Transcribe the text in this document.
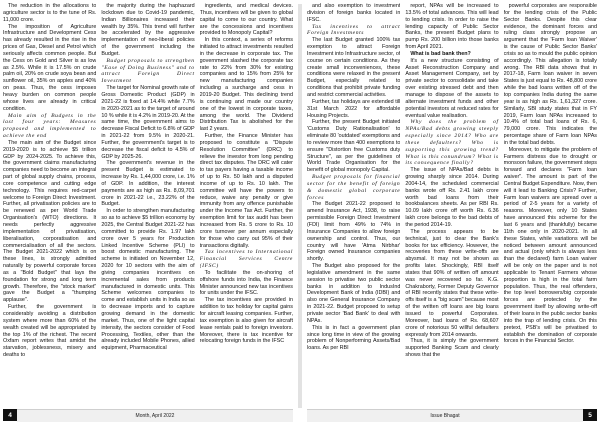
The reduction in the allocations to agriculture sector is to the tune of Rs. 11,000 crore.

The imposition of Agriculture Infrastructure and Development Cess has already resulted in the rise in the prices of Gas, Diesel and Petrol which seriously affects common people. But the Cess on Gold and Silver is as low as 2.5%. While it is 17.5% on crude palm oil, 20% on crude soya bean and sunflower oil, 35% on apples and 40% on peas. Thus, the cess imposes heavy burden on common people whose lives are already in critical condition.

Main aim of Budgets in the last four years: Measures proposed and implemented to achieve the end

The main aim of the Budget since 2019-2020 is to achieve $5 trillion GDP by 2024-2025. To achieve this, the government claims manufacturing companies need to become an integral part of global supply chains, process, core competence and cutting edge technology. This requires red-carpet welcome to Foreign Direct Investment. Further, all privatisation policies are to be renewed as per World Trade Organisation's (WTO) directions. It needs perfectly aggressive implementation of privatisation, liberalisation, corporatisation and commercialisation of all the sectors. The Budget 2021-2022 which is on these lines, is strongly admitted naturally by powerful corporate forces as a "Bold Budget" that lays the foundation for strong and long term growth. Therefore, the "stock market" gave the Budget a "thumping applause".

Further, the government is considerably avoiding a distribution system where more than 60% of the wealth created will be appropriated by the top 1% of the richest. The recent Oxfam report writes that amidst the starvation, joblessness, misery and deaths to

the majority during the haphazard lockdown due to Covid-19 pandemic, Indian Billionaires increased their wealth by 35%. This trend will further be accelerated by the aggressive implementation of neo-liberal policies of the government including the Budget.

Budget proposals to strengthen "Ease of Doing Business" and to attract Foreign Direct Investment

The target for Nominal growth rate of Gross Domestic Product (GDP) in 2021-22 is fixed at 14.4% while 7.7% in 2020-2021 as to the target of around 10 % while it is 4.2% in 2019-20. At the same time, the government aims to decrease Fiscal Deficit to 6.8% of GDP in 2021-22 from 9.5% in 2020-21. Further, the government's target is to decrease the fiscal deficit to 4.5% of GDP by 2025-26.

The government's revenue in the present Budget is estimated to increase by Rs. 1,44,000 crore, i.e. 1% of GDP. In addition, the interest payments are as high as Rs. 8,09,701 crore in 2021-22 i.e., 23.22% of the Budget.

In order to strengthen manufacturing so as to achieve $5 trillion economy by 2025, the Central Budget 2021-22 has committed to provide Rs. 1.97 lakh crore over 5 years for Production Linked Incentive Scheme (PLI) to boost domestic manufacturing. The scheme is initiated on November 12, 2020 for 10 sectors with the aim of giving companies incentives on incremental sales from products manufactured in domestic units. This Scheme welcomes companies to come and establish units in India so as to decrease imports and to capture growing demand in the domestic market. Thus, one of the light capital intensity, the sectors consider of Food Processing, Textiles, other than the already included Mobile Phones, allied equipment, Pharmaceutical

ingredients, and medical devices. Thus, incentives will be given to global capital to come to our country. What are the concessions and incentives provided to Monopoly Capital?

In this context, a series of reforms initiated to attract investments resulted in the decrease in corporate tax. The government slashed the corporate tax rate to 22% from 30% for existing companies and to 15% from 25% for new manufacturing companies including a surcharge and cess in 2019-20 Budget. This declining trend is continuing and made our country one of the lowest in corporate taxes, among the world. The Dividend Distribution Tax is abolished for the last 2 years.

Further, the Finance Minister has proposed to constitute a "Dispute Resolution Committee" (DRC) to relieve the investor from long pending direct tax disputes. The DRC will cater to tax payers having a taxable income of up to Rs. 50 lakh and a disputed income of up to Rs. 10 lakh. The committee will have the powers to reduce, waive any penalty or give immunity from any offence punishable under the Income Tax Act. Further, the exemption limit for tax audit has been increased from Rs. 5 crore to Rs. 10 crore turnover per annum especially for those who carry out 95% of their transactions digitally.

Tax incentives to International Financial Services Centre (IFSC)

To facilitate the on-shoring of offshore funds into India, the Finance Minister announced new tax incentives for units under the IFSC.

The tax incentives are provided in addition to tax holiday for capital gains for aircraft leasing companies. Further, tax exemption is also given for aircraft lease rentals paid to foreign investors. Moreover, there is tax incentive for relocating foreign funds in the IFSC

4	Month, April 2022

and also exemption to investment division of foreign banks located in IFSC.

Tax incentives to attract Foreign Investments

The last Budget granted 100% tax exemption to attract Foreign Investment into Infrastructure sector, of course on certain conditions. As they create small inconveniences, these conditions were relaxed in the present Budget, especially related to conditions that prohibit private funding and restrict commercial activities.

Further, tax holidays are extended till 31st March 2022 for affordable Housing Projects.

Further, the present Budget initiated 'Customs Duty Rationalisation' to eliminate 80 'outdated' exemptions and to review more than 400 exemptions to ensure "Distortion free Customs duty Structure", as per the guidelines of World Trade Organisation for the benefit of global monopoly Capital.

Budget proposals for financial sector for the benefit of foreign & domestic global corporate forces

The Budget 2021-22 proposed to amend Insurance Act, 1938, to raise permissible Foreign Direct Investment (FDI) limit from 49% to 74% in Insurance Companies to allow foreign ownership and control. Thus, our country will have 'Atma Nirbhar' Foreign owned Insurance companies shortly.

The Budget also proposed for the legislative amendment in the same session to privatise two public sector banks in addition to IndusInd Development Bank of India (IDBI) and also one General Insurance Company in 2021-22. Budget proposed to setup private sector 'Bad Bank' to deal with NPAs.

This is in fact a government plan since long time in view of the growing problem of Nonperforming Assets/Bad loans. As per RBI

report, NPAs will be increased to 13.5% of total advances. This will lead to lending crisis. In order to raise the lending capacity of Public Sector Banks, the present Budget plans to pump Rs. 200 billion into those banks from April 2021.

What is bad bank then?

It's a new structure consisting of Asset Reconstruction Company and Asset Management Company, set by private sector to consolidate and take over existing stressed debt and then manage to dispose of the assets to alternate investment funds and other potential investors at reduced rates for eventual value realisation.

Why does the problem of NPAs/Bad debts growing steeply especially since 2014? Who are these defaulters? Who is supporting this growing trend? What is this conundrum? What is its consequence finally?

The issue of NPAs/Bad debts is growing sharply since 2014. During 2004-14, the scheduled commercial banks wrote off Rs. 2.41 lakh crore worth bad loans from their bookbalances sheets. As per RBI Rs. 10.09 lakh crore off worth Rs. 6.36 lakh crore belongs to the bad debts of the period 2014-19.

The process appears to be technical, just to clear the Bank's books for tax efficiency. However, the recoveries from these write-offs are abysmal. It may not be shown as profits later. Shockingly, RBI itself states that 90% of written off amount was never recovered so far. K.G. Chakraborty, Former Deputy Governor of RBI recently states that these write-offs itself is a "big scam" because most of the written off loans are big loans issued to powerful Corporates. Moreover, bad loans of Rs. 68,607 crore of notorious 50 willful defaulters expressly from 2014 onwards.

Thus, it is simply the government supported Banking Scam and clearly shows that the

powerful corporates are responsible for the lending crisis of the Public Sector Banks. Despite this clear evidence, the dominant forces and ruling class strongly propose an argument that the 'Farm loan Waiver' is the cause of Public Sector Banks' crisis so as to mould the public opinion accordingly. This allegation is totally wrong. The RBI data shows that in 2017-18, Farm loan waiver in seven States is just equal to Rs. 48,800 crore while the bad loans written off of the top companies India during the same year is as high as Rs. 1,61,327 crore. Similarly, SBI study states that in FY 2019, Farm loan NPAs increased to 10.4% of total bad loans of Rs. 6, 79,000 crore. This indicates the percentage share of Farm loan NPAs in the total bad debts.

Moreover, to mitigate the problem of Farmers distress due to drought or monsoon failure, the government steps forward and declares "Farm loan waiver". The amount is part of the Central Budget Expenditure. Now, then will it lead to Banking Crisis? Further, Farm loan waivers are spread over a period of 2-5 years for a variety of reasons. Moreover, only 10 States have announced this scheme for the last 6 years and (thankfully) became 11th one only in 2020-2021. In all these States, while variations will be noticed between amount announced and actual (only which is always less than the declared) farm Loan waiver will be only on the paper and is not applicable to Tenant Farmers whose proportion is high in the total farm population. Thus, the real offenders, the top level borrowers/big corporate forces are protected by the government itself by allowing write-off of their loans in the public sector banks into the trap of lending crisis. On this pretext, PSB's will be privatised to establish the domination of corporate forces in the Financial Sector.

Issue Bhagat	5
